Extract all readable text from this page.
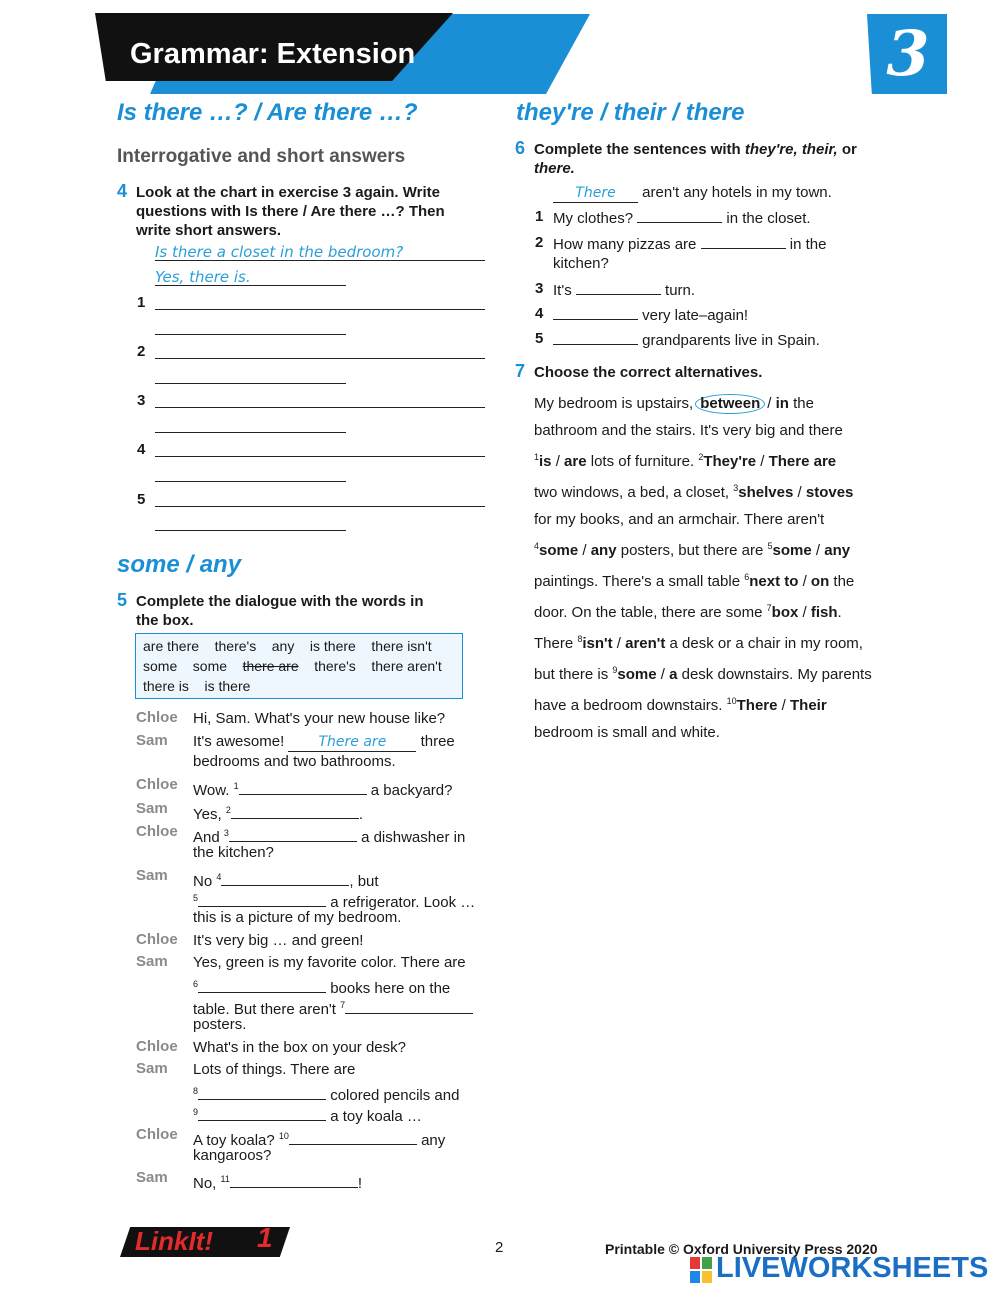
Grammar: Extension	3
Is there …? / Are there …?
Interrogative and short answers
4 Look at the chart in exercise 3 again. Write
questions with Is there / Are there …? Then
write short answers.
Is there a closet in the bedroom?
Yes, there is.
1
2
3
4
5
some / any
5 Complete the dialogue with the words in
the box.
are there there's any is there there isn't
some some there are there's there aren't
there is is there
Chloe Hi, Sam. What's your new house like?
Sam It's awesome! There are three
bedrooms and two bathrooms.
Chloe Wow. $^1$	a backyard?
Sam Yes, $^2$	.
Chloe And $^3$	a dishwasher in
the kitchen?
Sam No $^4$	, but
$^5$	a refrigerator. Look …
this is a picture of my bedroom.
Chloe It's very big … and green!
Sam Yes, green is my favorite color. There are
$^6$	books here on the
table. But there aren't $^7$
posters.
Chloe What's in the box on your desk?
Sam Lots of things. There are
$^8$	colored pencils and
$^9$	a toy koala …
Chloe A toy koala? $^{10}$	any
kangaroos?
Sam No, $^{11}$	!
they're / their / there
6 Complete the sentences with they're, their, or there.
There aren't any hotels in my town.
1 My clothes?	in the closet.
2 How many pizzas are	in the
kitchen?
3 It's	turn.
4	very late–again!
5	grandparents live in Spain.
7 Choose the correct alternatives.
My bedroom is upstairs, between / in the
bathroom and the stairs. It's very big and there
$^1$is / are lots of furniture. $^2$They're / There are
two windows, a bed, a closet, $^3$shelves / stoves
for my books, and an armchair. There aren't
$^4$some / any posters, but there are $^5$some / any
paintings. There's a small table $^6$next to / on the
door. On the table, there are some $^7$box / fish.
There $^8$isn't / aren't a desk or a chair in my room,
but there is $^9$some / a desk downstairs. My parents
have a bedroom downstairs. $^{10}$There / Their
bedroom is small and white.
LinkIt! 1	2	Printable © Oxford University Press 2020
LIVEWORKSHEETS
